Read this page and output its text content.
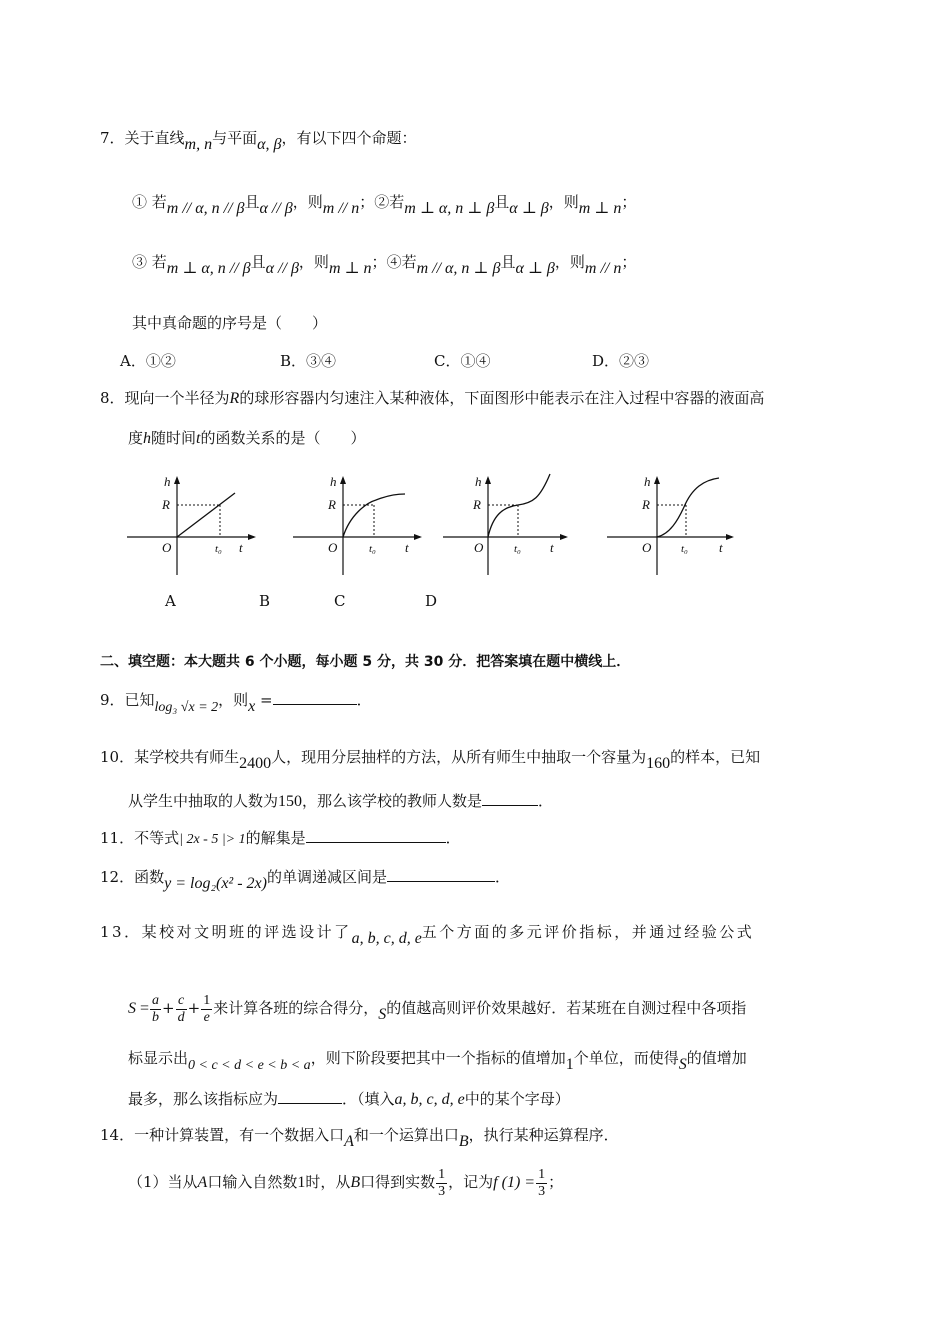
7．关于直线m, n与平面α, β，有以下四个命题：
① 若m // α, n // β且α // β，则m // n；②若m ⊥ α, n ⊥ β且α ⊥ β，则m ⊥ n；
③ 若m ⊥ α, n // β且α // β，则m ⊥ n；④若m // α, n ⊥ β且α ⊥ β，则m // n；
其中真命题的序号是（　　）
A．①②	B．③④	C．①④	D．②③
8．现向一个半径为R的球形容器内匀速注入某种液体，下面图形中能表示在注入过程中容器的液面高
度h随时间t的函数关系的是（　　）
h
R
O	t₀ t
h
R
O	t₀ t
h
R
O	t₀ t
h
R
O	t₀ t
A	B	C	D
二、填空题：本大题共 6 个小题，每小题 5 分，共 30 分．把答案填在题中横线上．
9．已知log₃ √x = 2，则x =	．
10．某学校共有师生2400人，现用分层抽样的方法，从所有师生中抽取一个容量为160的样本，已知
从学生中抽取的人数为150，那么该学校的教师人数是	．
11．不等式| 2x - 5 |> 1的解集是	．
12．函数y = log₂(x² - 2x)的单调递减区间是	．
13．某校对文明班的评选设计了a, b, c, d, e五个方面的多元评价指标，并通过经验公式
$S = \frac{a}{b} + \frac{c}{d} + \frac{1}{e}$ 来计算各班的综合得分，S的值越高则评价效果越好．若某班在自测过程中各项指
标显示出0 < c < d < e < b < a，则下阶段要把其中一个指标的值增加1个单位，而使得S的值增加
最多，那么该指标应为	．（填入a, b, c, d, e中的某个字母）
14．一种计算装置，有一个数据入口A和一个运算出口B，执行某种运算程序．
（1）当从A口输入自然数1时，从B口得到实数 $\frac{1}{3}$ ，记为f $(1) = \frac{1}{3}$ ；
